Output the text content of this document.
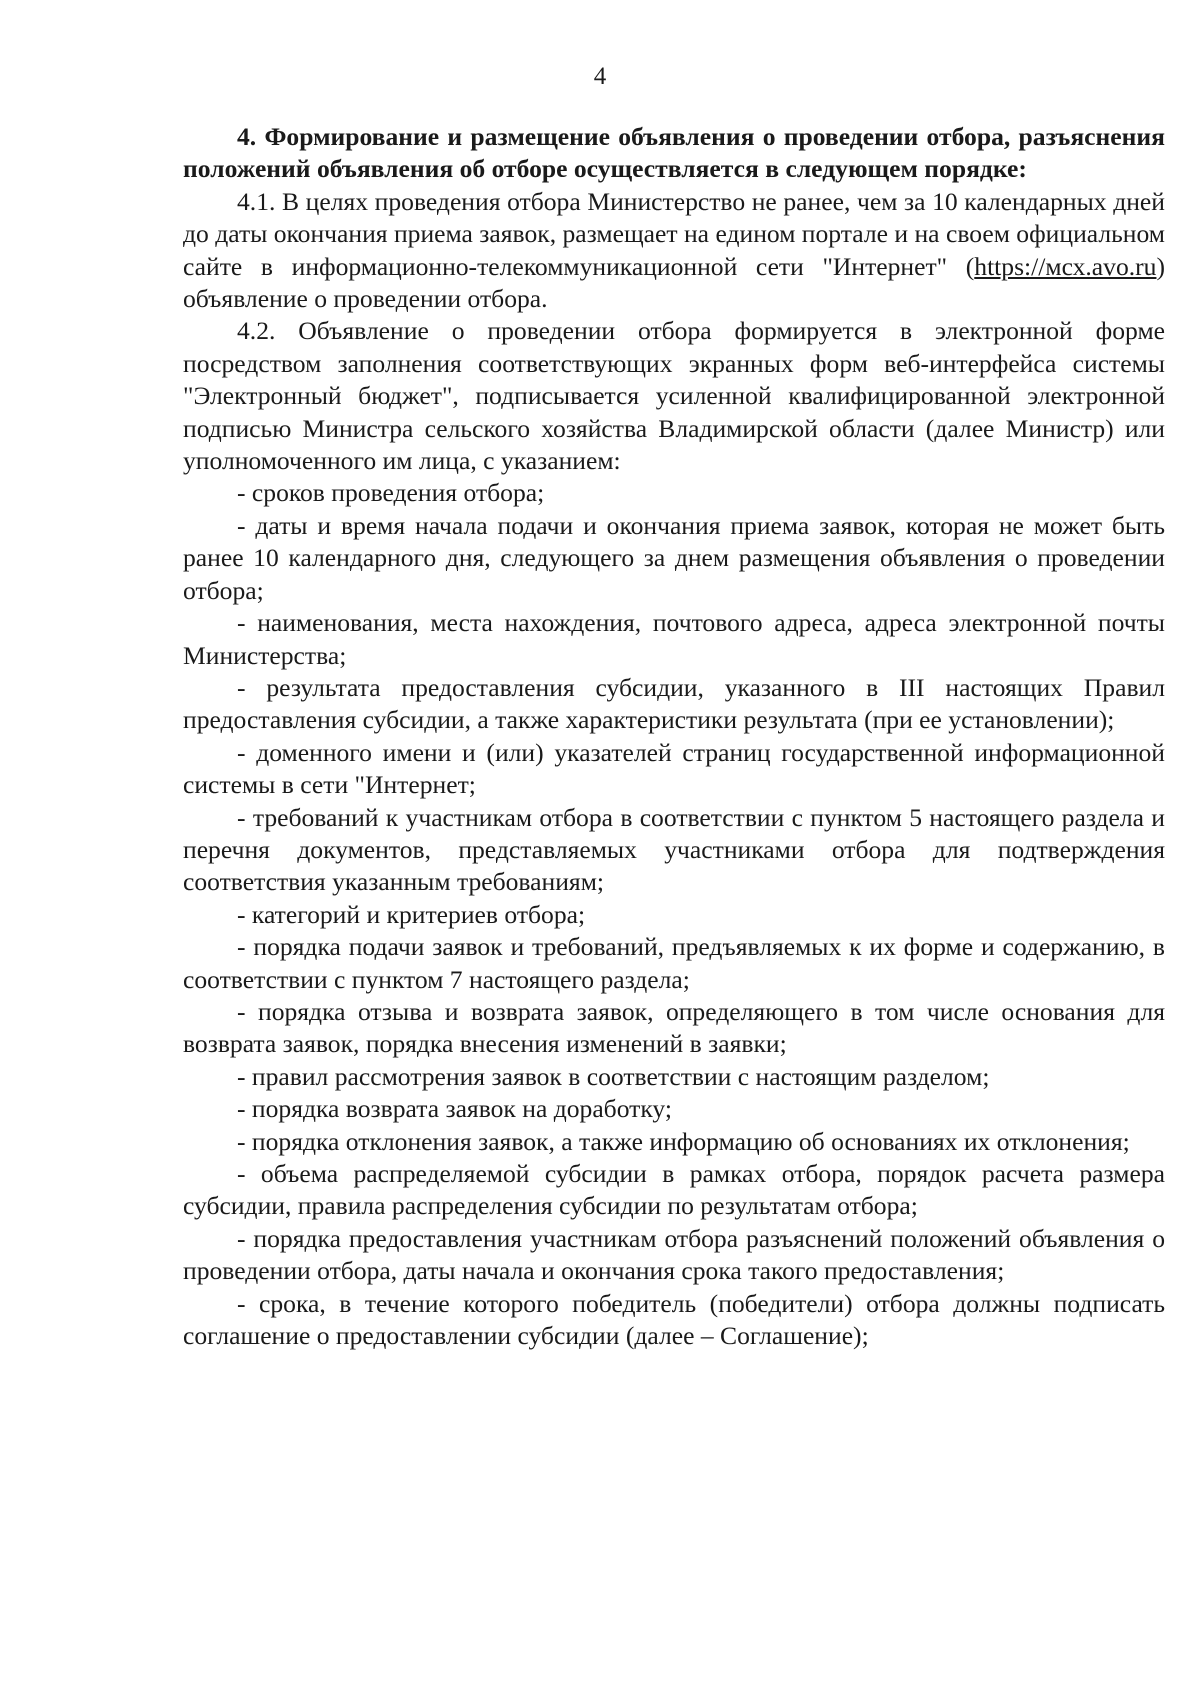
4

4. Формирование и размещение объявления о проведении отбора, разъяснения положений объявления об отборе осуществляется в следующем порядке:

4.1. В целях проведения отбора Министерство не ранее, чем за 10 календарных дней до даты окончания приема заявок, размещает на едином портале и на своем официальном сайте в информационно-телекоммуникационной сети "Интернет" (https://мсх.avo.ru) объявление о проведении отбора.

4.2. Объявление о проведении отбора формируется в электронной форме посредством заполнения соответствующих экранных форм веб-интерфейса системы "Электронный бюджет", подписывается усиленной квалифицированной электронной подписью Министра сельского хозяйства Владимирской области (далее Министр) или уполномоченного им лица, с указанием:

- сроков проведения отбора;

- даты и время начала подачи и окончания приема заявок, которая не может быть ранее 10 календарного дня, следующего за днем размещения объявления о проведении отбора;

- наименования, места нахождения, почтового адреса, адреса электронной почты Министерства;

- результата предоставления субсидии, указанного в III настоящих Правил предоставления субсидии, а также характеристики результата (при ее установлении);

- доменного имени и (или) указателей страниц государственной информационной системы в сети "Интернет;

- требований к участникам отбора в соответствии с пунктом 5 настоящего раздела и перечня документов, представляемых участниками отбора для подтверждения соответствия указанным требованиям;

- категорий и критериев отбора;

- порядка подачи заявок и требований, предъявляемых к их форме и содержанию, в соответствии с пунктом 7 настоящего раздела;

- порядка отзыва и возврата заявок, определяющего в том числе основания для возврата заявок, порядка внесения изменений в заявки;

- правил рассмотрения заявок в соответствии с настоящим разделом;

- порядка возврата заявок на доработку;

- порядка отклонения заявок, а также информацию об основаниях их отклонения;

- объема распределяемой субсидии в рамках отбора, порядок расчета размера субсидии, правила распределения субсидии по результатам отбора;

- порядка предоставления участникам отбора разъяснений положений объявления о проведении отбора, даты начала и окончания срока такого предоставления;

- срока, в течение которого победитель (победители) отбора должны подписать соглашение о предоставлении субсидии (далее – Соглашение);
